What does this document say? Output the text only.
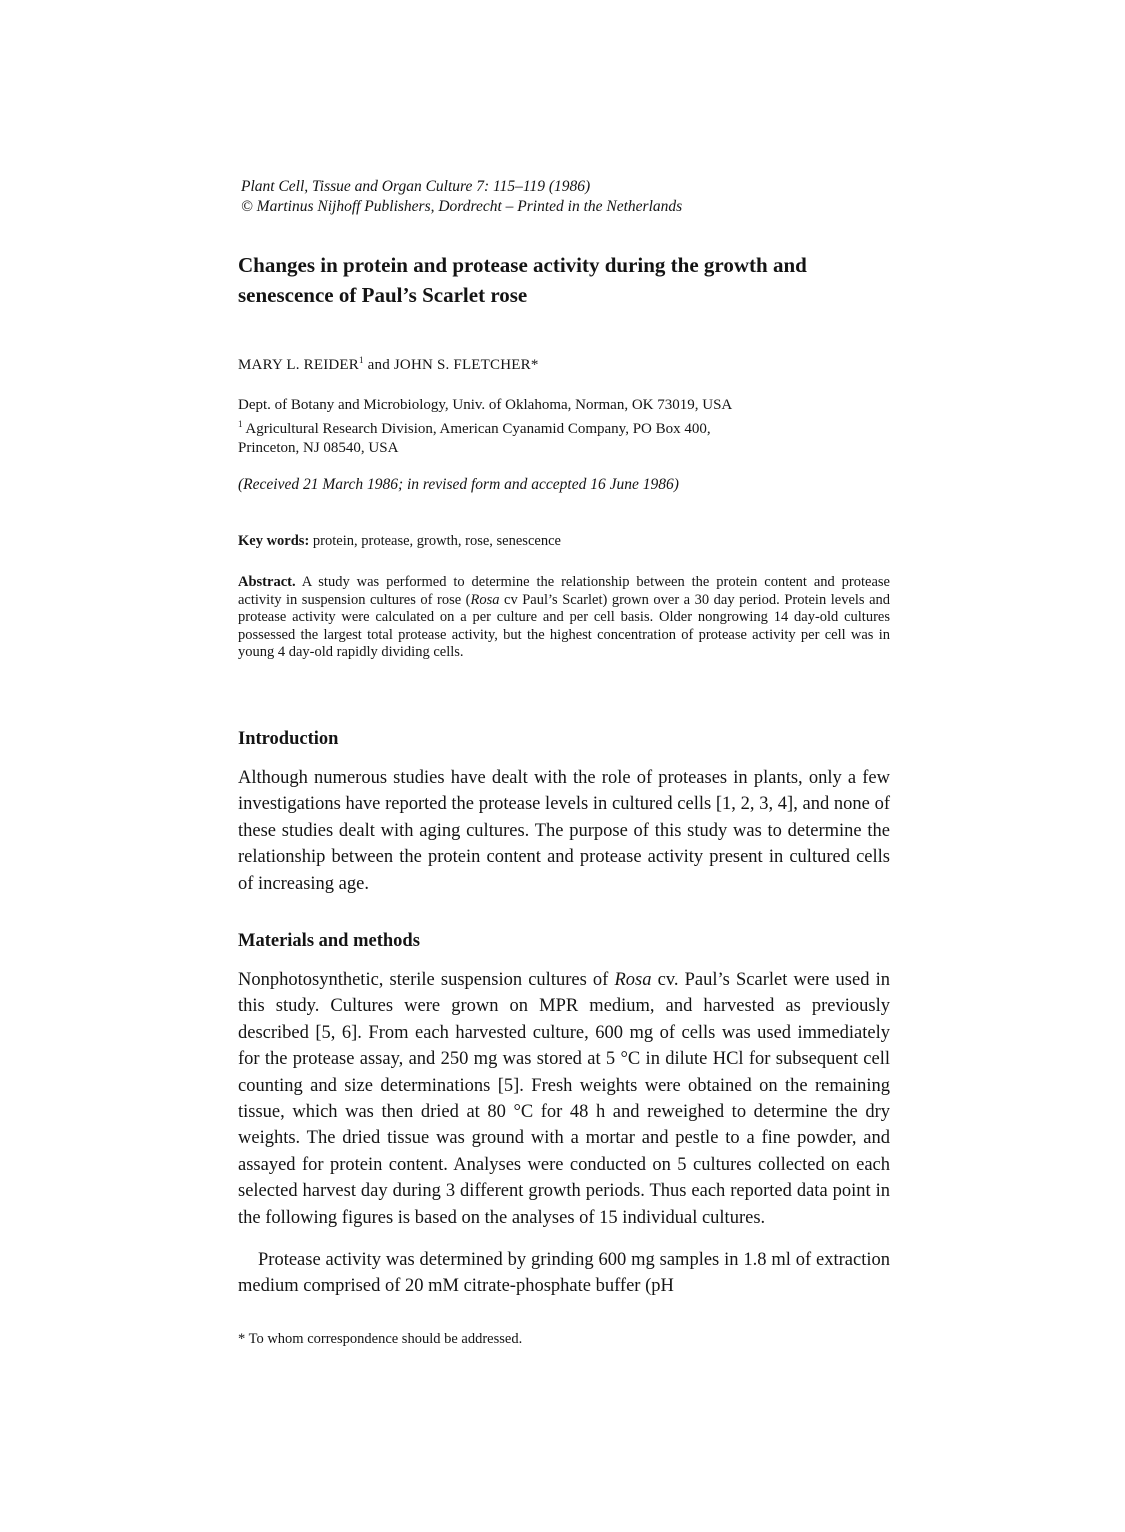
Plant Cell, Tissue and Organ Culture 7: 115–119 (1986)
© Martinus Nijhoff Publishers, Dordrecht – Printed in the Netherlands
Changes in protein and protease activity during the growth and senescence of Paul’s Scarlet rose
MARY L. REIDER$^1$ and JOHN S. FLETCHER*
Dept. of Botany and Microbiology, Univ. of Oklahoma, Norman, OK 73019, USA
$^1$ Agricultural Research Division, American Cyanamid Company, PO Box 400,
Princeton, NJ 08540, USA
(Received 21 March 1986; in revised form and accepted 16 June 1986)
Key words: protein, protease, growth, rose, senescence
Abstract. A study was performed to determine the relationship between the protein content and protease activity in suspension cultures of rose (Rosa cv Paul’s Scarlet) grown over a 30 day period. Protein levels and protease activity were calculated on a per culture and per cell basis. Older nongrowing 14 day-old cultures possessed the largest total protease activity, but the highest concentration of protease activity per cell was in young 4 day-old rapidly dividing cells.
Introduction
Although numerous studies have dealt with the role of proteases in plants, only a few investigations have reported the protease levels in cultured cells [1, 2, 3, 4], and none of these studies dealt with aging cultures. The purpose of this study was to determine the relationship between the protein content and protease activity present in cultured cells of increasing age.
Materials and methods
Nonphotosynthetic, sterile suspension cultures of Rosa cv. Paul’s Scarlet were used in this study. Cultures were grown on MPR medium, and harvested as previously described [5, 6]. From each harvested culture, 600 mg of cells was used immediately for the protease assay, and 250 mg was stored at 5 °C in dilute HCl for subsequent cell counting and size determinations [5]. Fresh weights were obtained on the remaining tissue, which was then dried at 80 °C for 48 h and reweighed to determine the dry weights. The dried tissue was ground with a mortar and pestle to a fine powder, and assayed for protein content. Analyses were conducted on 5 cultures collected on each selected harvest day during 3 different growth periods. Thus each reported data point in the following figures is based on the analyses of 15 individual cultures.
Protease activity was determined by grinding 600 mg samples in 1.8 ml of extraction medium comprised of 20 mM citrate-phosphate buffer (pH
* To whom correspondence should be addressed.
